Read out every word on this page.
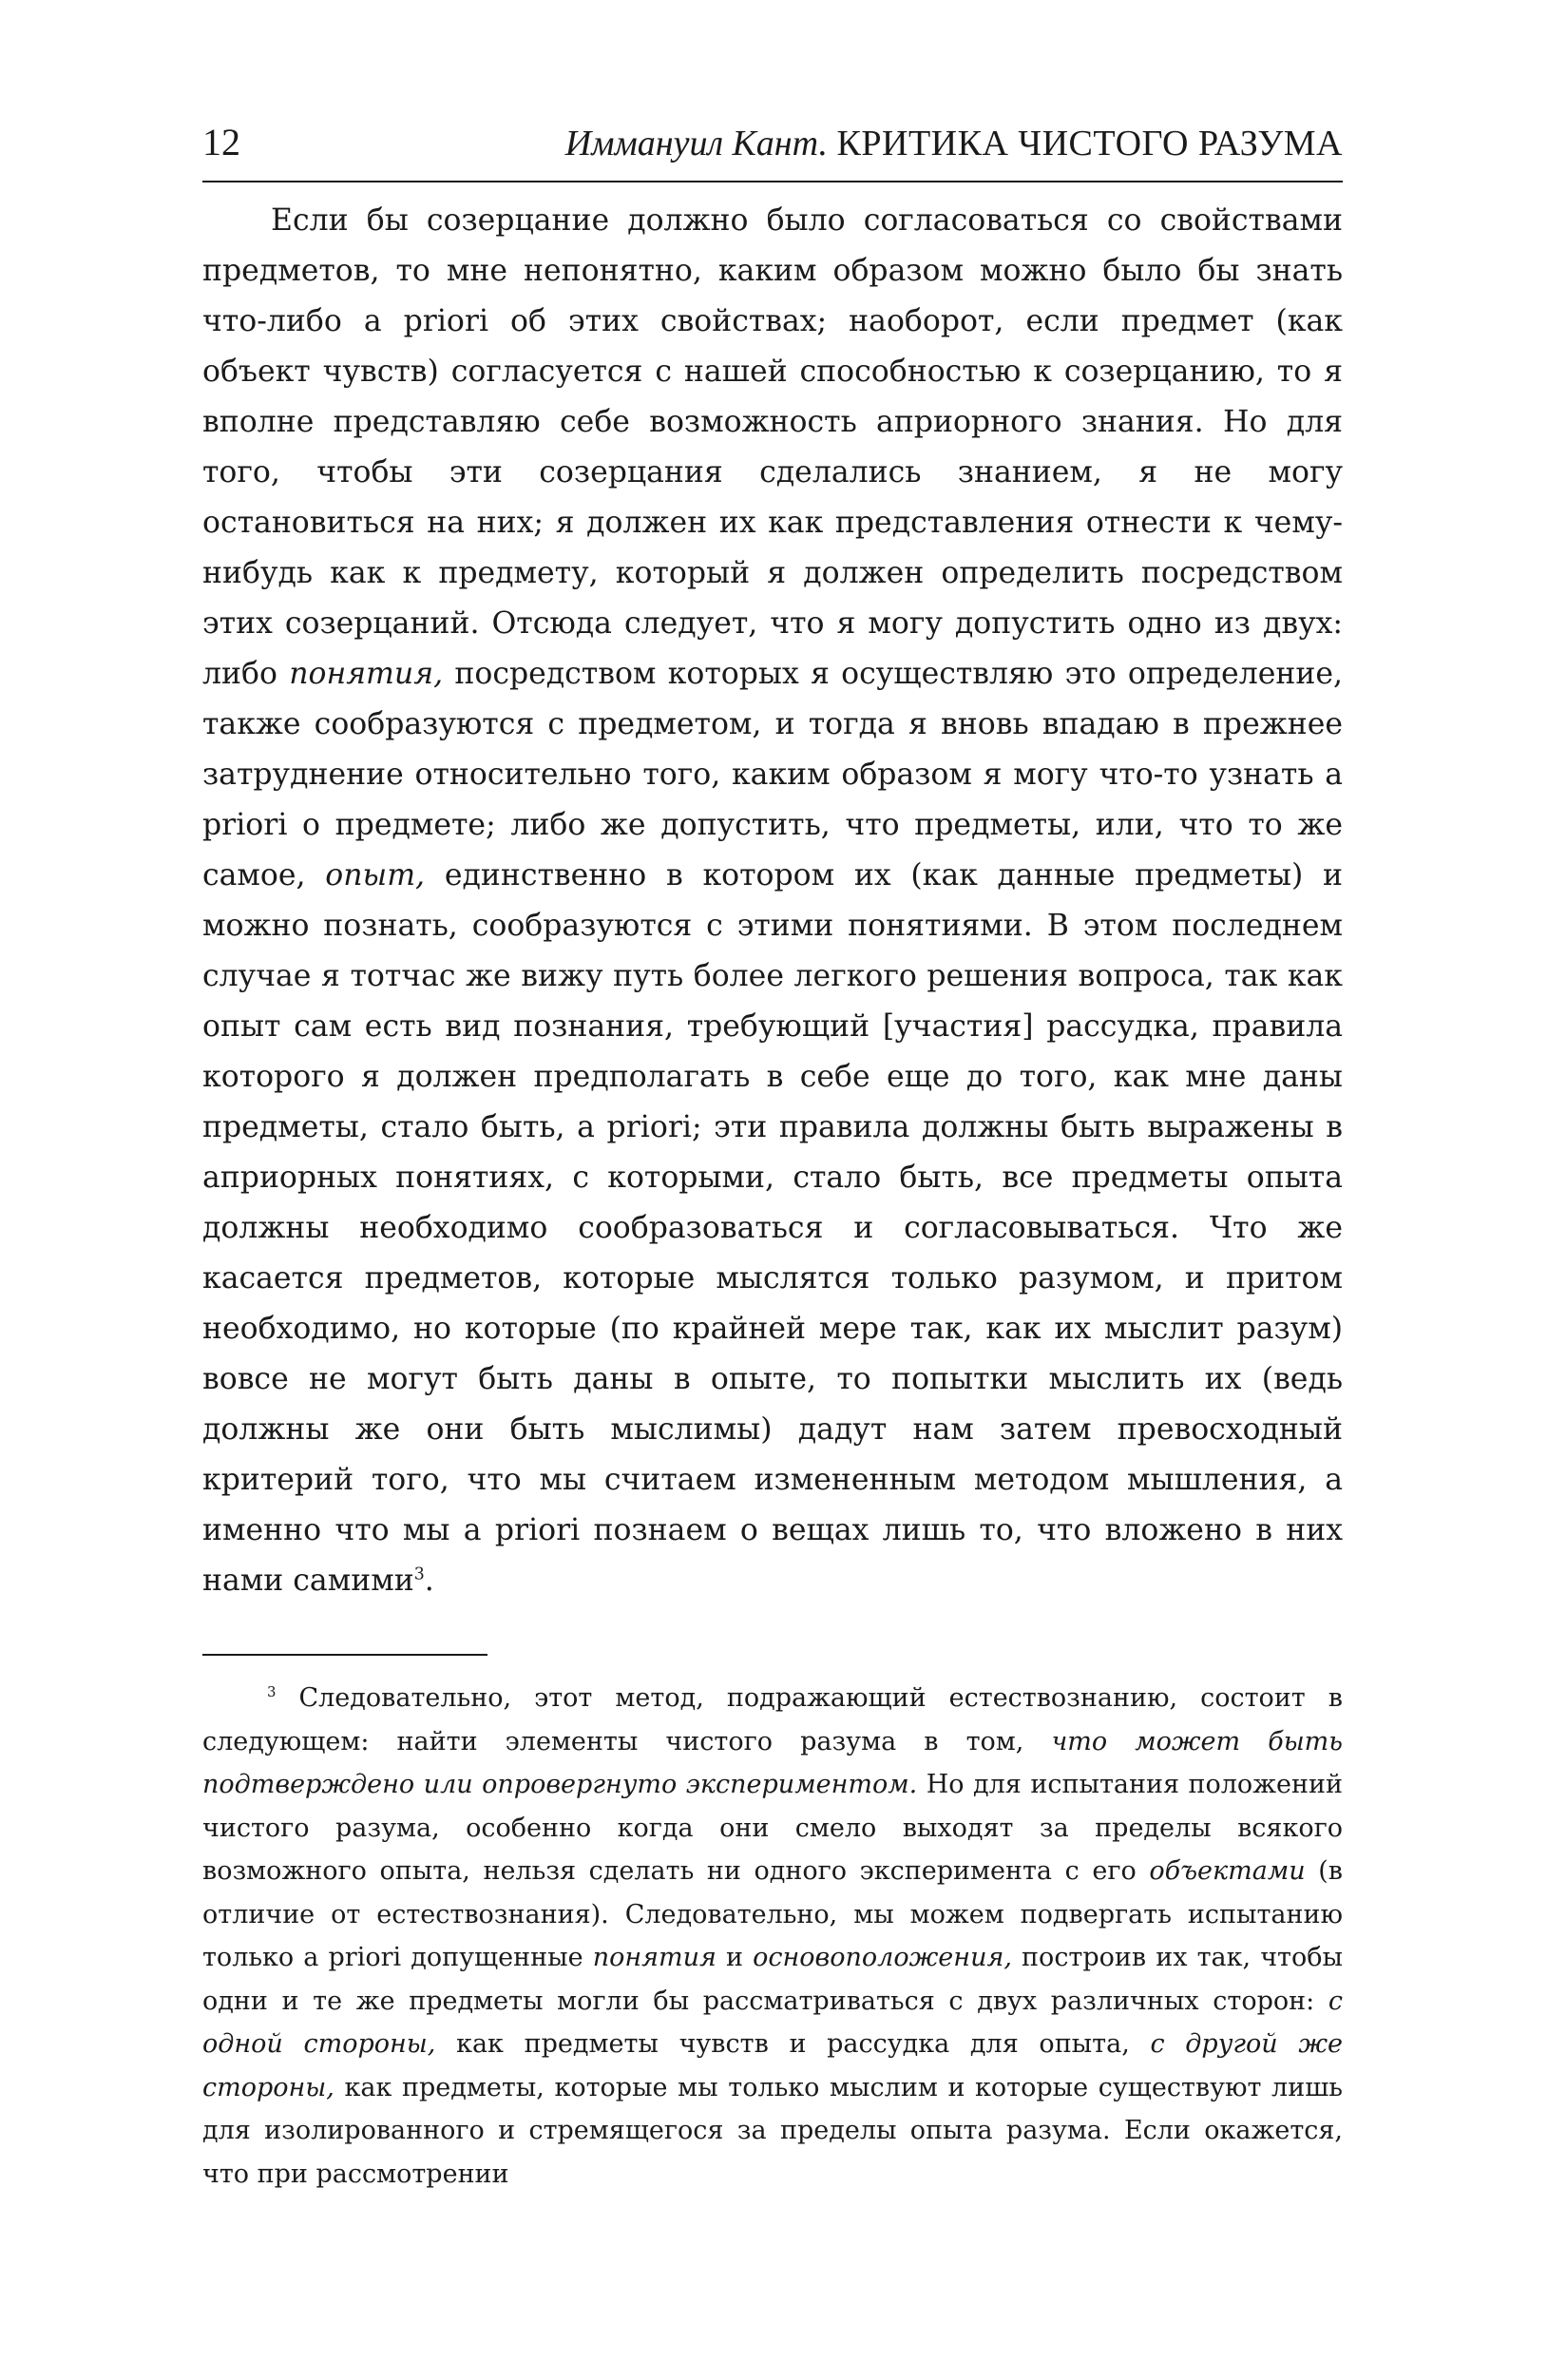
12	Иммануил Кант. КРИТИКА ЧИСТОГО РАЗУМА
Если бы созерцание должно было согласоваться со свойствами предметов, то мне непонятно, каким образом можно было бы знать что-либо a priori об этих свойствах; наоборот, если предмет (как объект чувств) согласуется с нашей способностью к созерцанию, то я вполне представляю себе возможность априорного знания. Но для того, чтобы эти созерцания сделались знанием, я не могу остановиться на них; я должен их как представления отнести к чему-нибудь как к предмету, который я должен определить посредством этих созерцаний. Отсюда следует, что я могу допустить одно из двух: либо понятия, посредством которых я осуществляю это определение, также сообразуются с предметом, и тогда я вновь впадаю в прежнее затруднение относительно того, каким образом я могу что-то узнать a priori о предмете; либо же допустить, что предметы, или, что то же самое, опыт, единственно в котором их (как данные предметы) и можно познать, сообразуются с этими понятиями. В этом последнем случае я тотчас же вижу путь более легкого решения вопроса, так как опыт сам есть вид познания, требующий [участия] рассудка, правила которого я должен предполагать в себе еще до того, как мне даны предметы, стало быть, a priori; эти правила должны быть выражены в априорных понятиях, с которыми, стало быть, все предметы опыта должны необходимо сообразоваться и согласовываться. Что же касается предметов, которые мыслятся только разумом, и притом необходимо, но которые (по крайней мере так, как их мыслит разум) вовсе не могут быть даны в опыте, то попытки мыслить их (ведь должны же они быть мыслимы) дадут нам затем превосходный критерий того, что мы считаем измененным методом мышления, а именно что мы a priori познаем о вещах лишь то, что вложено в них нами самими$^3$.
$^3$ Следовательно, этот метод, подражающий естествознанию, состоит в следующем: найти элементы чистого разума в том, что может быть подтверждено или опровергнуто экспериментом. Но для испытания положений чистого разума, особенно когда они смело выходят за пределы всякого возможного опыта, нельзя сделать ни одного эксперимента с его объектами (в отличие от естествознания). Следовательно, мы можем подвергать испытанию только a priori допущенные понятия и основоположения, построив их так, чтобы одни и те же предметы могли бы рассматриваться с двух различных сторон: с одной стороны, как предметы чувств и рассудка для опыта, с другой же стороны, как предметы, которые мы только мыслим и которые существуют лишь для изолированного и стремящегося за пределы опыта разума. Если окажется, что при рассмотрении
